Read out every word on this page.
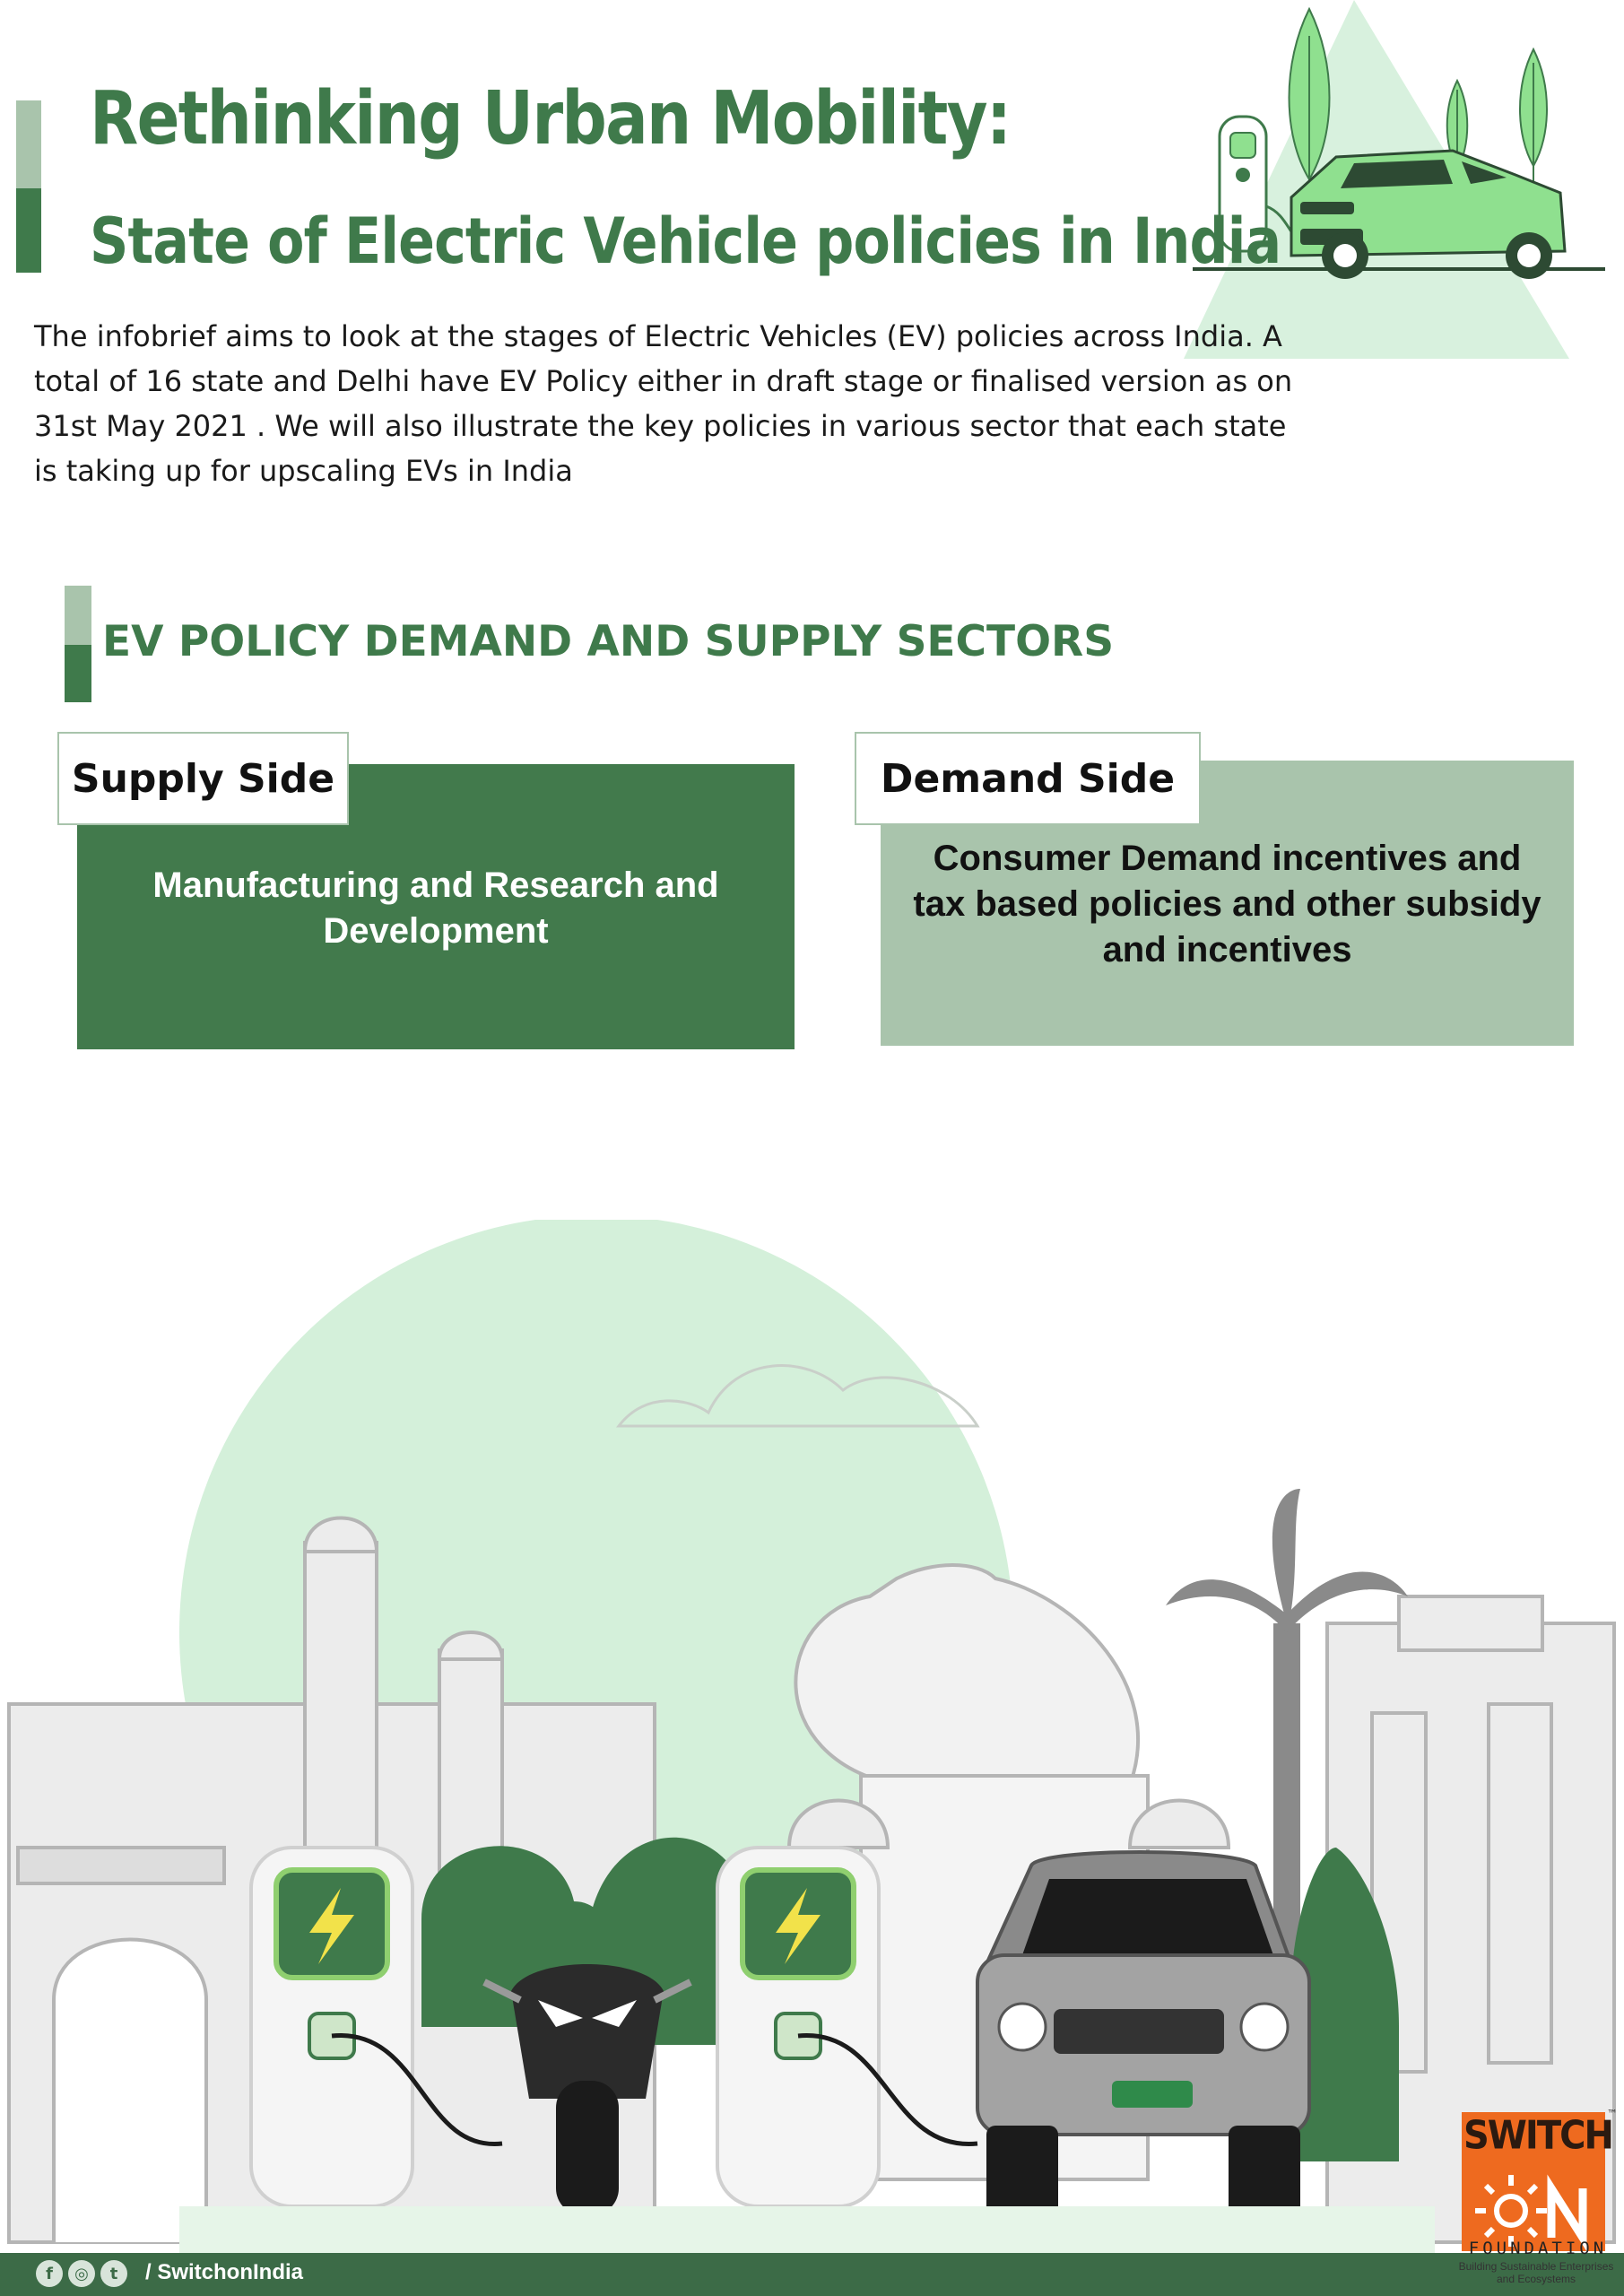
Rethinking Urban Mobility:
State of Electric Vehicle policies in India

The infobrief aims to look at the stages of Electric Vehicles (EV) policies across India. A total of 16 state and Delhi have EV Policy either in draft stage or finalised version as on 31st May 2021 . We will also illustrate the key policies in various sector that each state is taking up for upscaling EVs in India

EV POLICY DEMAND AND SUPPLY SECTORS
Manufacturing and Research and Development
Supply Side
Consumer Demand incentives and tax based policies and other subsidy and incentives
Demand Side
f	◎	t	/ SwitchonIndia
SWITCH
™
FOUNDATION
Building Sustainable Enterprises and Ecosystems
